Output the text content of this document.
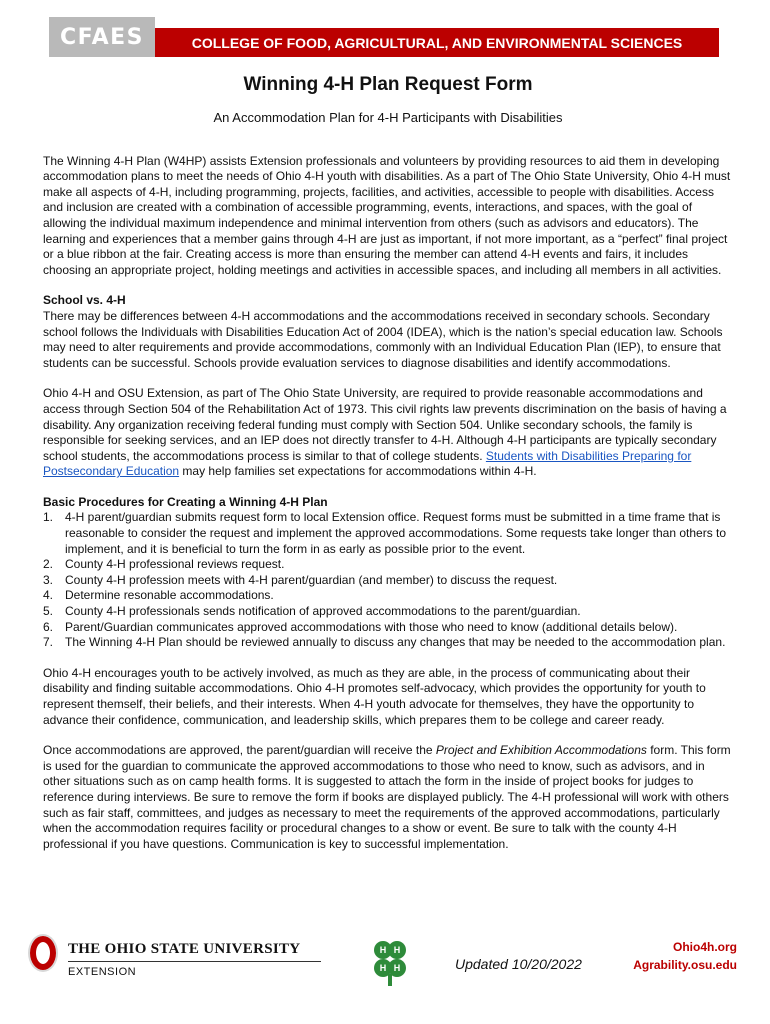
CFAES	COLLEGE OF FOOD, AGRICULTURAL, AND ENVIRONMENTAL SCIENCES
Winning 4-H Plan Request Form
An Accommodation Plan for 4-H Participants with Disabilities

The Winning 4-H Plan (W4HP) assists Extension professionals and volunteers by providing resources to aid them in developing accommodation plans to meet the needs of Ohio 4-H youth with disabilities. As a part of The Ohio State University, Ohio 4-H must make all aspects of 4-H, including programming, projects, facilities, and activities, accessible to people with disabilities. Access and inclusion are created with a combination of accessible programming, events, interactions, and spaces, with the goal of allowing the individual maximum independence and minimal intervention from others (such as advisors and educators). The learning and experiences that a member gains through 4-H are just as important, if not more important, as a “perfect” final project or a blue ribbon at the fair. Creating access is more than ensuring the member can attend 4-H events and fairs, it includes choosing an appropriate project, holding meetings and activities in accessible spaces, and including all members in all activities.

School vs. 4-H

There may be differences between 4-H accommodations and the accommodations received in secondary schools. Secondary school follows the Individuals with Disabilities Education Act of 2004 (IDEA), which is the nation’s special education law. Schools may need to alter requirements and provide accommodations, commonly with an Individual Education Plan (IEP), to ensure that students can be successful. Schools provide evaluation services to diagnose disabilities and identify accommodations.

Ohio 4-H and OSU Extension, as part of The Ohio State University, are required to provide reasonable accommodations and access through Section 504 of the Rehabilitation Act of 1973. This civil rights law prevents discrimination on the basis of having a disability. Any organization receiving federal funding must comply with Section 504. Unlike secondary schools, the family is responsible for seeking services, and an IEP does not directly transfer to 4-H. Although 4-H participants are typically secondary school students, the accommodations process is similar to that of college students. Students with Disabilities Preparing for Postsecondary Education may help families set expectations for accommodations within 4-H.

Basic Procedures for Creating a Winning 4-H Plan
1. 4-H parent/guardian submits request form to local Extension office. Request forms must be submitted in a time frame that is reasonable to consider the request and implement the approved accommodations. Some requests take longer than others to implement, and it is beneficial to turn the form in as early as possible prior to the event.
2. County 4-H professional reviews request.
3. County 4-H profession meets with 4-H parent/guardian (and member) to discuss the request.
4. Determine resonable accommodations.
5. County 4-H professionals sends notification of approved accommodations to the parent/guardian.
6. Parent/Guardian communicates approved accommodations with those who need to know (additional details below).
7. The Winning 4-H Plan should be reviewed annually to discuss any changes that may be needed to the accommodation plan.

Ohio 4-H encourages youth to be actively involved, as much as they are able, in the process of communicating about their disability and finding suitable accommodations. Ohio 4-H promotes self-advocacy, which provides the opportunity for youth to represent themself, their beliefs, and their interests. When 4-H youth advocate for themselves, they have the opportunity to advance their confidence, communication, and leadership skills, which prepares them to be college and career ready.

Once accommodations are approved, the parent/guardian will receive the Project and Exhibition Accommodations form. This form is used for the guardian to communicate the approved accommodations to those who need to know, such as advisors, and in other situations such as on camp health forms. It is suggested to attach the form in the inside of project books for judges to reference during interviews. Be sure to remove the form if books are displayed publicly. The 4-H professional will work with others such as fair staff, committees, and judges as necessary to meet the requirements of the approved accommodations, particularly when the accommodation requires facility or procedural changes to a show or event. Be sure to talk with the county 4-H professional if you have questions. Communication is key to successful implementation.

THE OHIO STATE UNIVERSITY
EXTENSION
H H
H H	Updated 10/20/2022
Ohio4h.org
Agrability.osu.edu
